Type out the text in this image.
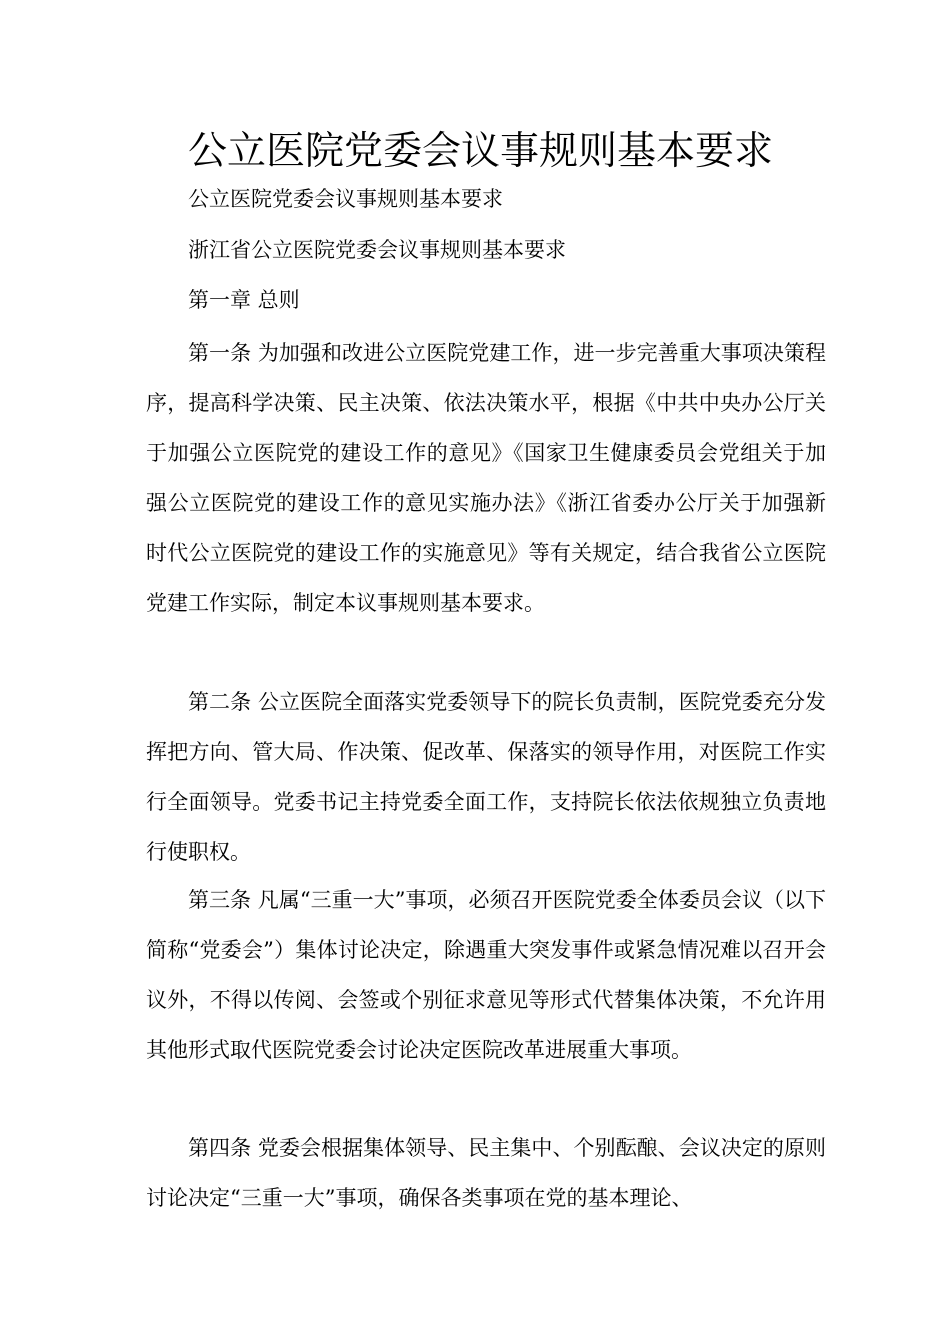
公立医院党委会议事规则基本要求

公立医院党委会议事规则基本要求

浙江省公立医院党委会议事规则基本要求

第一章 总则

第一条 为加强和改进公立医院党建工作，进一步完善重大事项决策程序，提高科学决策、民主决策、依法决策水平，根据《中共中央办公厅关于加强公立医院党的建设工作的意见》《国家卫生健康委员会党组关于加强公立医院党的建设工作的意见实施办法》《浙江省委办公厅关于加强新时代公立医院党的建设工作的实施意见》等有关规定，结合我省公立医院党建工作实际，制定本议事规则基本要求。

第二条 公立医院全面落实党委领导下的院长负责制，医院党委充分发挥把方向、管大局、作决策、促改革、保落实的领导作用，对医院工作实行全面领导。党委书记主持党委全面工作，支持院长依法依规独立负责地行使职权。

第三条 凡属“三重一大”事项，必须召开医院党委全体委员会议（以下简称“党委会”）集体讨论决定，除遇重大突发事件或紧急情况难以召开会议外，不得以传阅、会签或个别征求意见等形式代替集体决策，不允许用其他形式取代医院党委会讨论决定医院改革进展重大事项。

第四条 党委会根据集体领导、民主集中、个别酝酿、会议决定的原则讨论决定“三重一大”事项，确保各类事项在党的基本理论、
